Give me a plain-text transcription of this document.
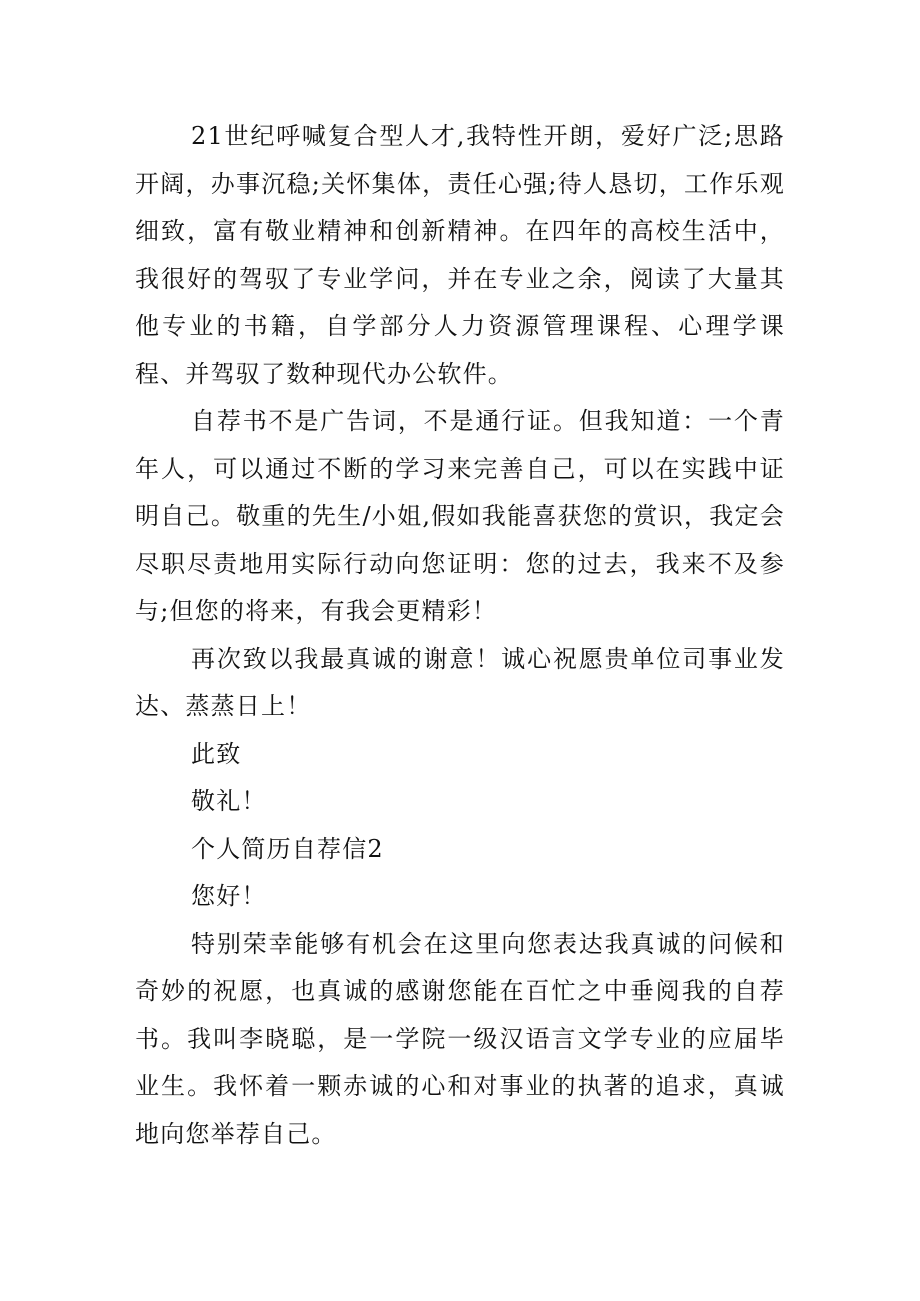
21世纪呼喊复合型人才,我特性开朗，爱好广泛;思路开阔，办事沉稳;关怀集体，责任心强;待人恳切，工作乐观细致，富有敬业精神和创新精神。在四年的高校生活中，我很好的驾驭了专业学问，并在专业之余，阅读了大量其他专业的书籍，自学部分人力资源管理课程、心理学课程、并驾驭了数种现代办公软件。

自荐书不是广告词，不是通行证。但我知道：一个青年人，可以通过不断的学习来完善自己，可以在实践中证明自己。敬重的先生/小姐,假如我能喜获您的赏识，我定会尽职尽责地用实际行动向您证明：您的过去，我来不及参与;但您的将来，有我会更精彩！

再次致以我最真诚的谢意！诚心祝愿贵单位司事业发达、蒸蒸日上！

此致

敬礼！

个人简历自荐信2

您好！

特别荣幸能够有机会在这里向您表达我真诚的问候和奇妙的祝愿，也真诚的感谢您能在百忙之中垂阅我的自荐书。我叫李晓聪，是一学院一级汉语言文学专业的应届毕业生。我怀着一颗赤诚的心和对事业的执著的追求，真诚地向您举荐自己。
